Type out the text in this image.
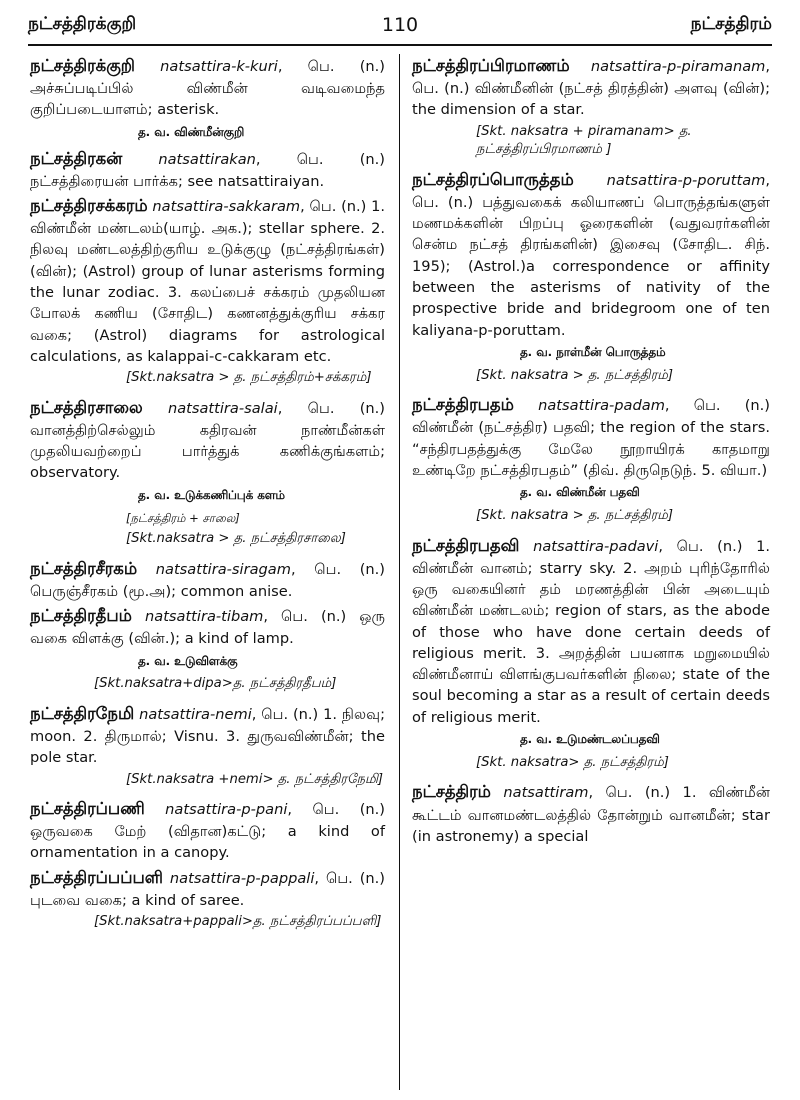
நட்சத்திரக்குறி	110	நட்சத்திரம்

நட்சத்திரக்குறி natsattira-k-kuri, பெ. (n.) அச்சுப்படிப்பில் விண்மீன் வடிவமைந்த குறிப்படையாளம்; asterisk.

த. வ. விண்மீன்குறி

நட்சத்திரகன் natsattirakan, பெ. (n.) நட்சத்திரையன் பார்க்க; see natsattiraiyan.

நட்சத்திரசக்கரம் natsattira-sakkaram, பெ. (n.) 1. விண்மீன் மண்டலம்(யாழ். அக.); stellar sphere. 2. நிலவு மண்டலத்திற்குரிய உடுக்குழு (நட்சத்திரங்கள்) (வின்); (Astrol) group of lunar asterisms forming the lunar zodiac. 3. கலப்பைச் சக்கரம் முதலியன போலக் கணிய (சோதிட) கணனத்துக்குரிய சக்கர வகை; (Astrol) diagrams for astrological calculations, as kalappai-c-cakkaram etc.

[Skt.naksatra > த. நட்சத்திரம்+சக்கரம்]

நட்சத்திரசாலை natsattira-salai, பெ. (n.) வானத்திற்செல்லும் கதிரவன் நாண்மீன்கள் முதலியவற்றைப் பார்த்துக் கணிக்குங்களம்; observatory.

த. வ. உடுக்கணிப்புக் களம்
[நட்சத்திரம் + சாலை]
[Skt.naksatra > த. நட்சத்திரசாலை]

நட்சத்திரசீரகம் natsattira-siragam, பெ. (n.) பெருஞ்சீரகம் (மூ.அ); common anise.

நட்சத்திரதீபம் natsattira-tibam, பெ. (n.) ஒரு வகை விளக்கு (வின்.); a kind of lamp.

த. வ. உடுவிளக்கு
[Skt.naksatra+dipa>த. நட்சத்திரதீபம்]

நட்சத்திரநேமி natsattira-nemi, பெ. (n.) 1. நிலவு; moon. 2. திருமால்; Visnu. 3. துருவவிண்மீன்; the pole star.

[Skt.naksatra +nemi> த. நட்சத்திரநேமி]

நட்சத்திரப்பணி natsattira-p-pani, பெ. (n.) ஒருவகை மேற் (விதான)கட்டு; a kind of ornamentation in a canopy.

நட்சத்திரப்பப்பளி natsattira-p-pappali, பெ. (n.) புடவை வகை; a kind of saree.

[Skt.naksatra+pappali>த. நட்சத்திரப்பப்பளி]

நட்சத்திரப்பிரமாணம் natsattira-p-piramanam, பெ. (n.) விண்மீனின் (நட்சத் திரத்தின்) அளவு (வின்); the dimension of a star.

[Skt. naksatra + piramanam> த. நட்சத்திரப்பிரமாணம் ]

நட்சத்திரப்பொருத்தம் natsattira-p-poruttam, பெ. (n.) பத்துவகைக் கலியாணப் பொருத்தங்களுள் மணமக்களின் பிறப்பு ஓரைகளின் (வதுவரர்களின் சென்ம நட்சத் திரங்களின்) இசைவு (சோதிட. சிந். 195); (Astrol.)a correspondence or affinity between the asterisms of nativity of the prospective bride and bridegroom one of ten kaliyana-p-poruttam.

த. வ. நாள்மீன் பொருத்தம்
[Skt. naksatra > த. நட்சத்திரம்]

நட்சத்திரபதம் natsattira-padam, பெ. (n.) விண்மீன் (நட்சத்திர) பதவி; the region of the stars. “சந்திரபதத்துக்கு மேலே நூறாயிரக் காதமாறு உண்டிறே நட்சத்திரபதம்” (திவ். திருநெடுந். 5. வியா.)

த. வ. விண்மீன் பதவி
[Skt. naksatra > த. நட்சத்திரம்]

நட்சத்திரபதவி natsattira-padavi, பெ. (n.) 1. விண்மீன் வானம்; starry sky. 2. அறம் புரிந்தோரில் ஒரு வகையினர் தம் மரணத்தின் பின் அடையும் விண்மீன் மண்டலம்; region of stars, as the abode of those who have done certain deeds of religious merit. 3. அறத்தின் பயனாக மறுமையில் விண்மீனாய் விளங்குபவர்களின் நிலை; state of the soul becoming a star as a result of certain deeds of religious merit.

த. வ. உடுமண்டலப்பதவி
[Skt. naksatra> த. நட்சத்திரம்]

நட்சத்திரம் natsattiram, பெ. (n.) 1. விண்மீன் கூட்டம் வானமண்டலத்தில் தோன்றும் வானமீன்; star (in astronemy) a special
